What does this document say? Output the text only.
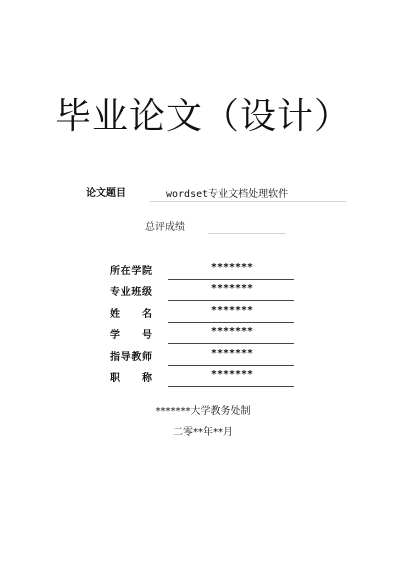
毕业论文（设计）
论文题目	wordset专业文档处理软件
总评成绩
所在学院	*******
专业班级	*******
姓名	*******
学号	*******
指导教师	*******
职称	*******
*******大学教务处制
二零**年**月
